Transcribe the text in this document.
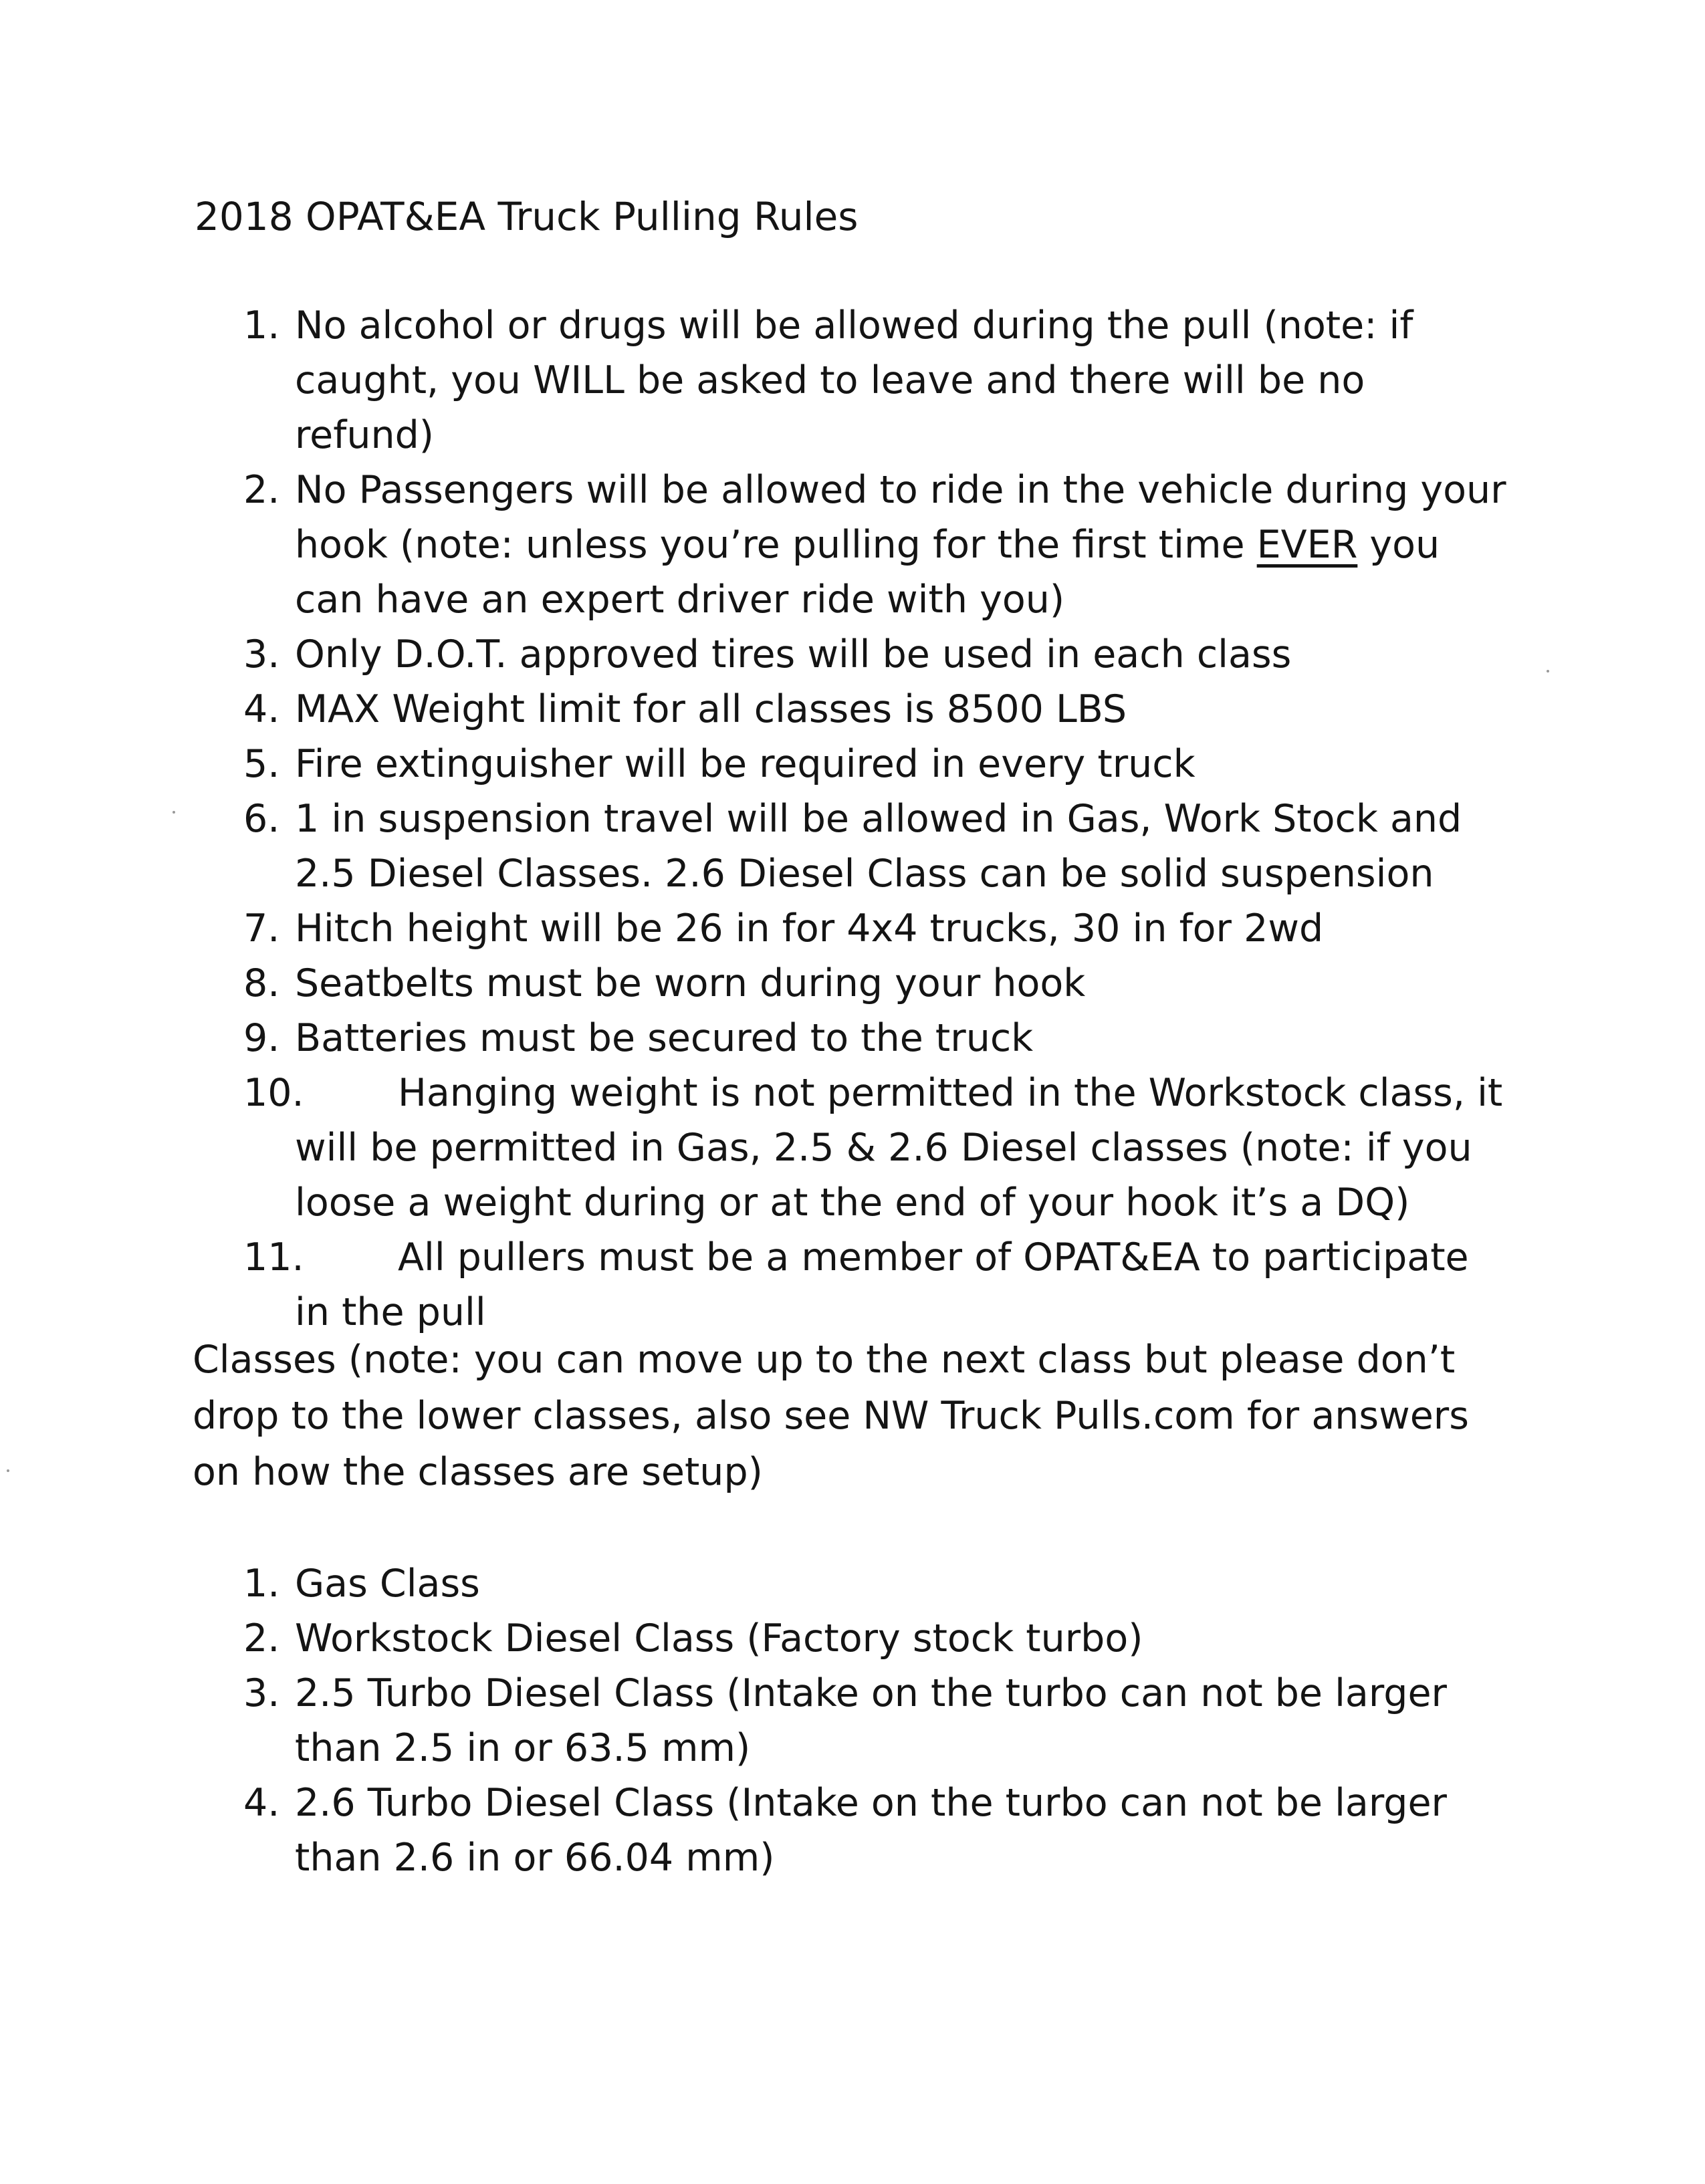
2018 OPAT&EA Truck Pulling Rules
1. No alcohol or drugs will be allowed during the pull (note: if caught, you WILL be asked to leave and there will be no refund)
2. No Passengers will be allowed to ride in the vehicle during your hook (note: unless you’re pulling for the first time EVER you can have an expert driver ride with you)
3. Only D.O.T. approved tires will be used in each class
4. MAX Weight limit for all classes is 8500 LBS
5. Fire extinguisher will be required in every truck
6. 1 in suspension travel will be allowed in Gas, Work Stock and 2.5 Diesel Classes. 2.6 Diesel Class can be solid suspension
7. Hitch height will be 26 in for 4x4 trucks, 30 in for 2wd
8. Seatbelts must be worn during your hook
9. Batteries must be secured to the truck
10.	Hanging weight is not permitted in the Workstock class, it will be permitted in Gas, 2.5 & 2.6 Diesel classes (note: if you loose a weight during or at the end of your hook it’s a DQ)
11.	All pullers must be a member of OPAT&EA to participate in the pull
Classes (note: you can move up to the next class but please don’t drop to the lower classes, also see NW Truck Pulls.com for answers on how the classes are setup)
1. Gas Class
2. Workstock Diesel Class (Factory stock turbo)
3. 2.5 Turbo Diesel Class (Intake on the turbo can not be larger than 2.5 in or 63.5 mm)
4. 2.6 Turbo Diesel Class (Intake on the turbo can not be larger than 2.6 in or 66.04 mm)
